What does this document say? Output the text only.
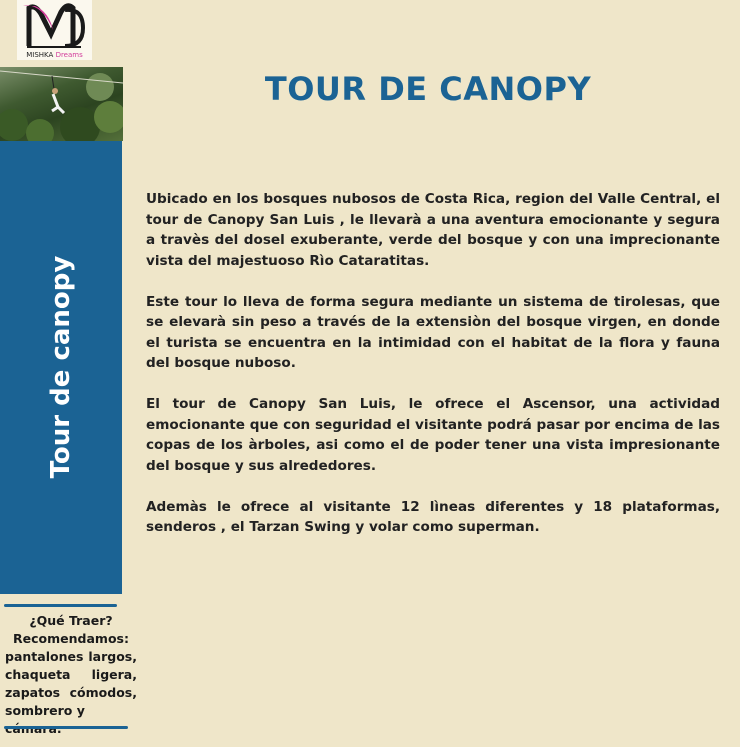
MISHKA Dreams
Tour de canopy
¿Qué Traer?
Recomendamos:
pantalones largos,
chaqueta ligera,
zapatos cómodos,
sombrero y
TOUR DE CANOPY

Ubicado en los bosques nubosos de Costa Rica, region del Valle Central, el tour de Canopy San Luis , le llevarà a una aventura emocionante y segura a travès del dosel exuberante, verde del bosque y con una imprecionante vista del majestuoso Rìo Cataratitas.

Este tour lo lleva de forma segura mediante un sistema de tirolesas, que se elevarà sin peso a través de la extensiòn del bosque virgen, en donde el turista se encuentra en la intimidad con el habitat de la flora y fauna del bosque nuboso.

El tour de Canopy San Luis, le ofrece el Ascensor, una actividad emocionante que con seguridad el visitante podrá pasar por encima de las copas de los àrboles, asi como el de poder tener una vista impresionante del bosque y sus alrededores.

Ademàs le ofrece al visitante 12 lìneas diferentes y 18 plataformas, senderos , el Tarzan Swing y volar como superman.
